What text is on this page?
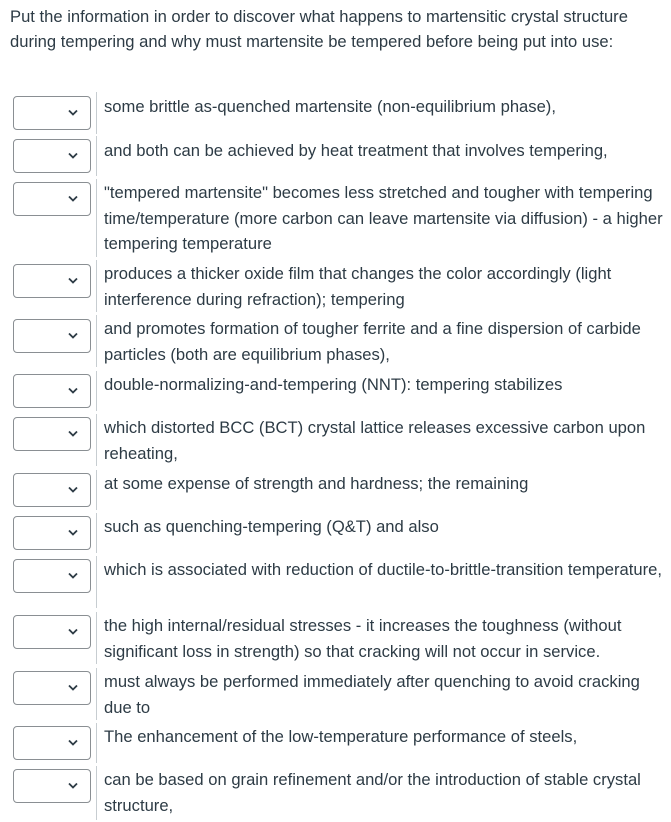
Put the information in order to discover what happens to martensitic crystal structure during tempering and why must martensite be tempered before being put into use:

some brittle as-quenched martensite (non-equilibrium phase),

and both can be achieved by heat treatment that involves tempering,

"tempered martensite" becomes less stretched and tougher with tempering time/temperature (more carbon can leave martensite via diffusion) - a higher tempering temperature

produces a thicker oxide film that changes the color accordingly (light interference during refraction); tempering

and promotes formation of tougher ferrite and a fine dispersion of carbide particles (both are equilibrium phases),

double-normalizing-and-tempering (NNT): tempering stabilizes

which distorted BCC (BCT) crystal lattice releases excessive carbon upon reheating,

at some expense of strength and hardness; the remaining

such as quenching-tempering (Q&T) and also

which is associated with reduction of ductile-to-brittle-transition temperature,

the high internal/residual stresses - it increases the toughness (without significant loss in strength) so that cracking will not occur in service.

must always be performed immediately after quenching to avoid cracking due to

The enhancement of the low-temperature performance of steels,

can be based on grain refinement and/or the introduction of stable crystal structure,
